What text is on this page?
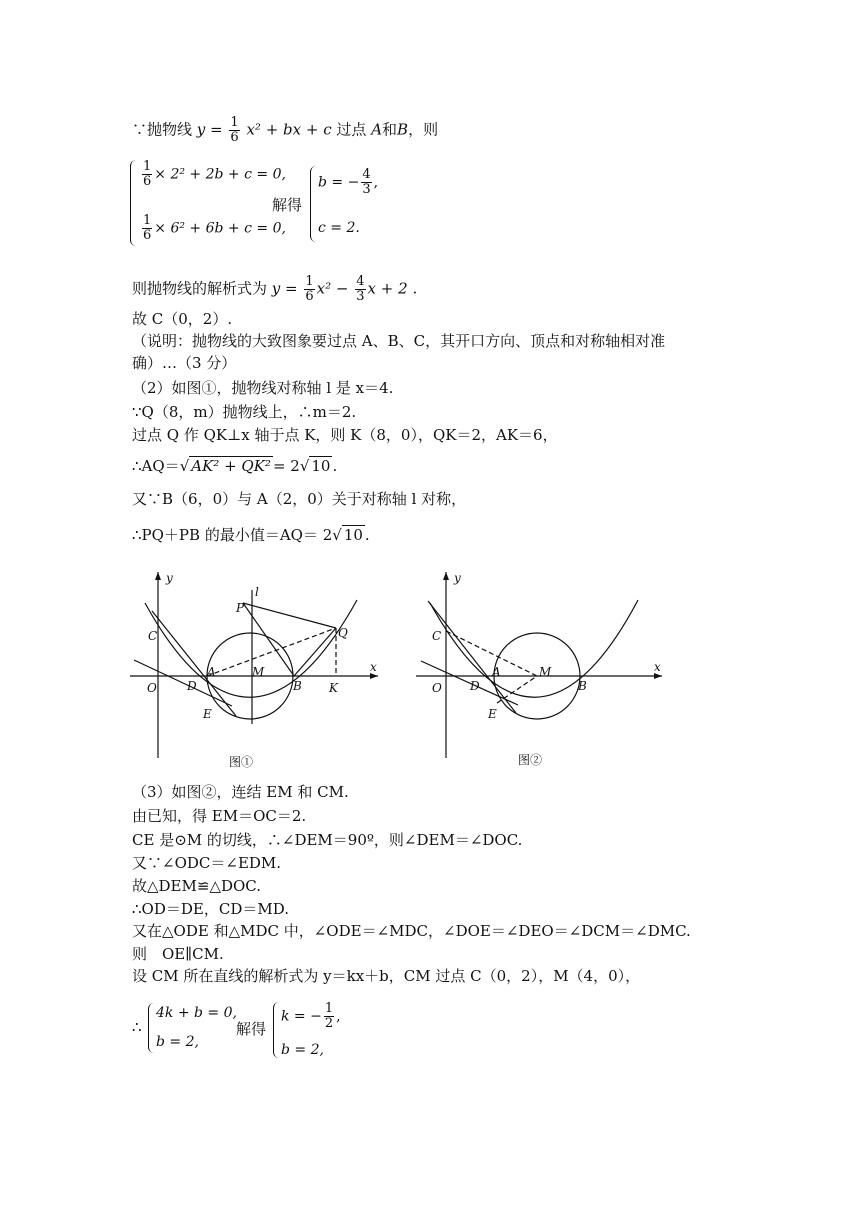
∵抛物线 $y = \frac{1}{6} x^2$ + bx + c 过点 A和B，则
$\frac{1}{6} \times 2^2 + 2b + c = 0$,
$\frac{1}{6} \times 6^2 + 6b + c = 0$,
解得
b = − $\frac{4}{3}$ ,
c = 2.
则抛物线的解析式为 $y = \frac{1}{6} x^2 - \frac{4}{3}$ x + 2 .
故 C（0，2）.
（说明：抛物线的大致图象要过点 A、B、C，其开口方向、顶点和对称轴相对准
确）…（3 分）
（2）如图①，抛物线对称轴 l 是 x＝4.
∵Q（8，m）抛物线上，∴m＝2.
过点 Q 作 QK⊥x 轴于点 K，则 K（8，0），QK＝2，AK＝6，
∴AQ＝√ AK² + QK² = 2√ 10 .
又∵B（6，0）与 A（2，0）关于对称轴 l 对称，
∴PQ＋PB 的最小值＝AQ＝ 2√ 10 .
y
x
l
P
Q
C
A	M
B K
O	D
E
图①
y
x
C
A	M
B
O D
E
图②
（3）如图②，连结 EM 和 CM.
由已知，得 EM＝OC＝2.
CE 是⊙M 的切线，∴∠DEM＝90º，则∠DEM＝∠DOC.
又∵∠ODC＝∠EDM.
故△DEM≌△DOC.
∴OD＝DE，CD＝MD.
又在△ODE 和△MDC 中，∠ODE＝∠MDC，∠DOE＝∠DEO＝∠DCM＝∠DMC.
则　OE∥CM.
设 CM 所在直线的解析式为 y＝kx＋b，CM 过点 C（0，2），M（4，0），
∴
4k + b = 0,
b = 2,
解得
k = − $\frac{1}{2}$ ,
b = 2,
